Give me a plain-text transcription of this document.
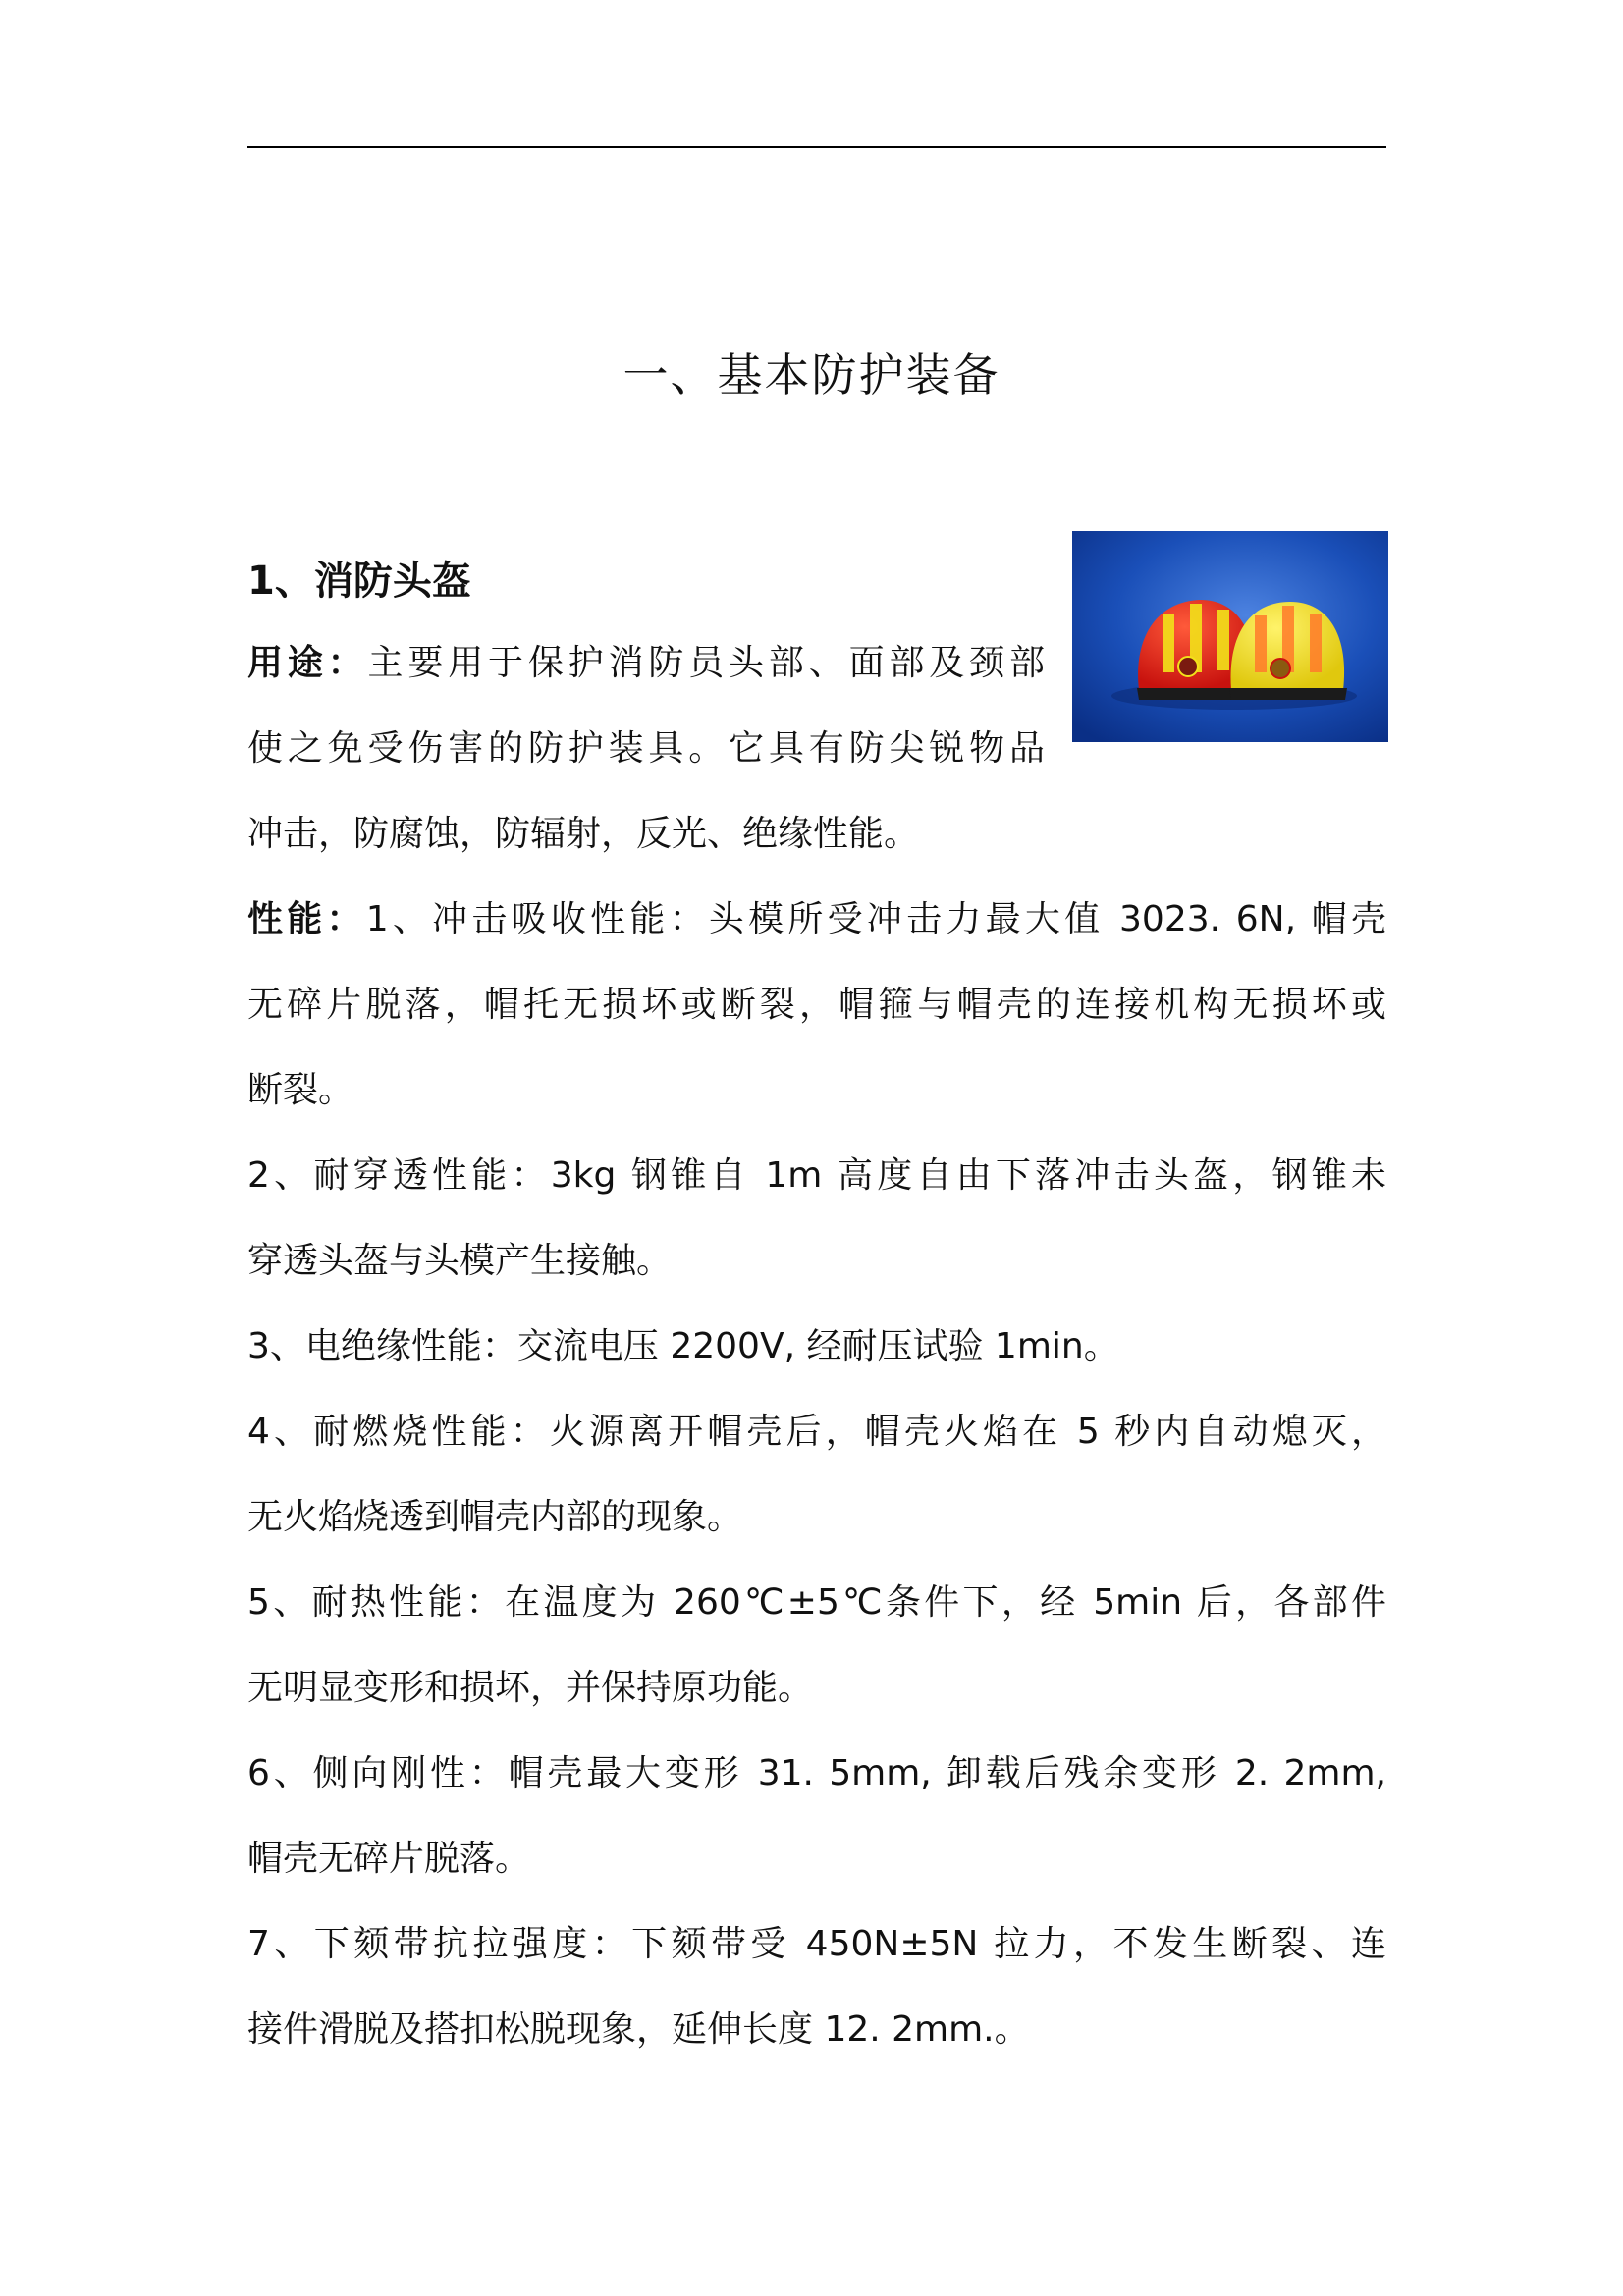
一、基本防护装备
1、消防头盔
用途：主要用于保护消防员头部、面部及颈部
使之免受伤害的防护装具。它具有防尖锐物品
冲击，防腐蚀，防辐射，反光、绝缘性能。
性能：1、冲击吸收性能：头模所受冲击力最大值 3023. 6N, 帽壳
无碎片脱落，帽托无损坏或断裂，帽箍与帽壳的连接机构无损坏或
断裂。
2、耐穿透性能：3kg 钢锥自 1m 高度自由下落冲击头盔，钢锥未
穿透头盔与头模产生接触。
3、电绝缘性能：交流电压 2200V, 经耐压试验 1min。
4、耐燃烧性能：火源离开帽壳后，帽壳火焰在 5 秒内自动熄灭，
无火焰烧透到帽壳内部的现象。
5、耐热性能：在温度为 260℃±5℃条件下，经 5min 后，各部件
无明显变形和损坏，并保持原功能。
6、侧向刚性：帽壳最大变形 31. 5mm, 卸载后残余变形 2. 2mm,
帽壳无碎片脱落。
7、下颏带抗拉强度：下颏带受 450N±5N 拉力，不发生断裂、连
接件滑脱及搭扣松脱现象，延伸长度 12. 2mm.。
